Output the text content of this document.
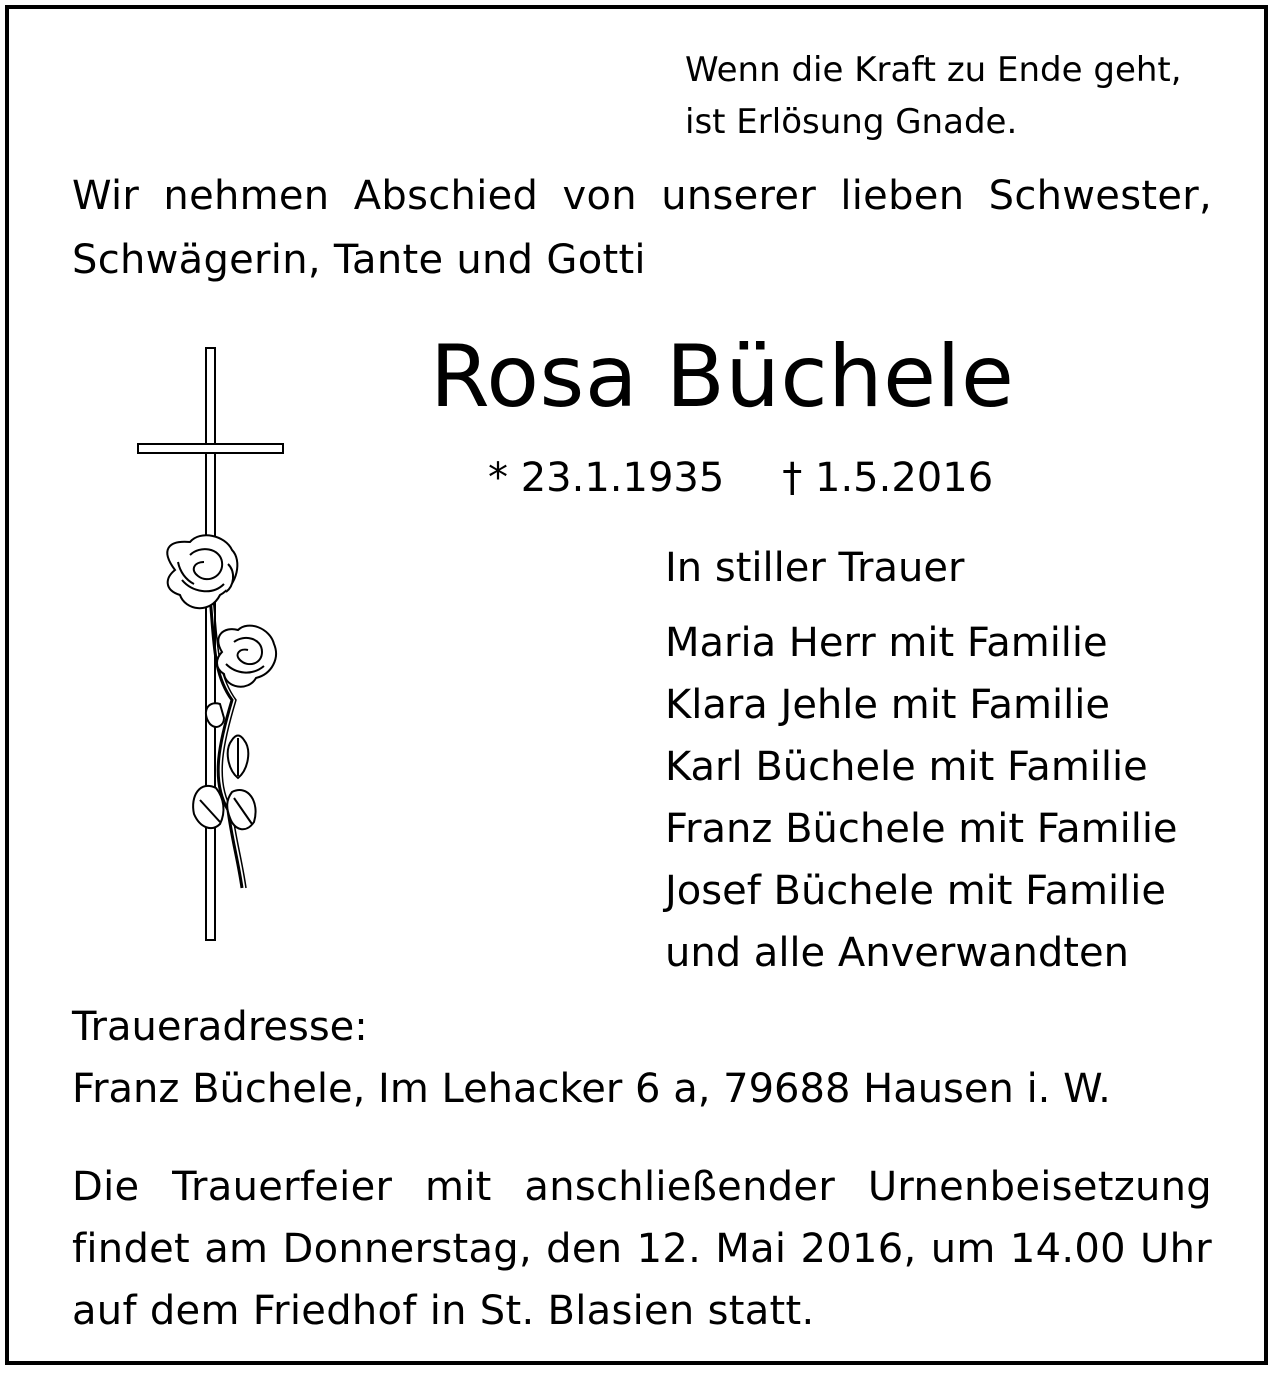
Wenn die Kraft zu Ende geht,
ist Erlösung Gnade.
Wir nehmen Abschied von unserer lieben Schwester, Schwägerin, Tante und Gotti
Rosa Büchele
* 23.1.1935 † 1.5.2016
In stiller Trauer
Maria Herr mit Familie
Klara Jehle mit Familie
Karl Büchele mit Familie
Franz Büchele mit Familie
Josef Büchele mit Familie
und alle Anverwandten
Traueradresse:
Franz Büchele, Im Lehacker 6 a, 79688 Hausen i. W.
Die Trauerfeier mit anschließender Urnenbeisetzung findet am Donnerstag, den 12. Mai 2016, um 14.00 Uhr auf dem Friedhof in St. Blasien statt.
